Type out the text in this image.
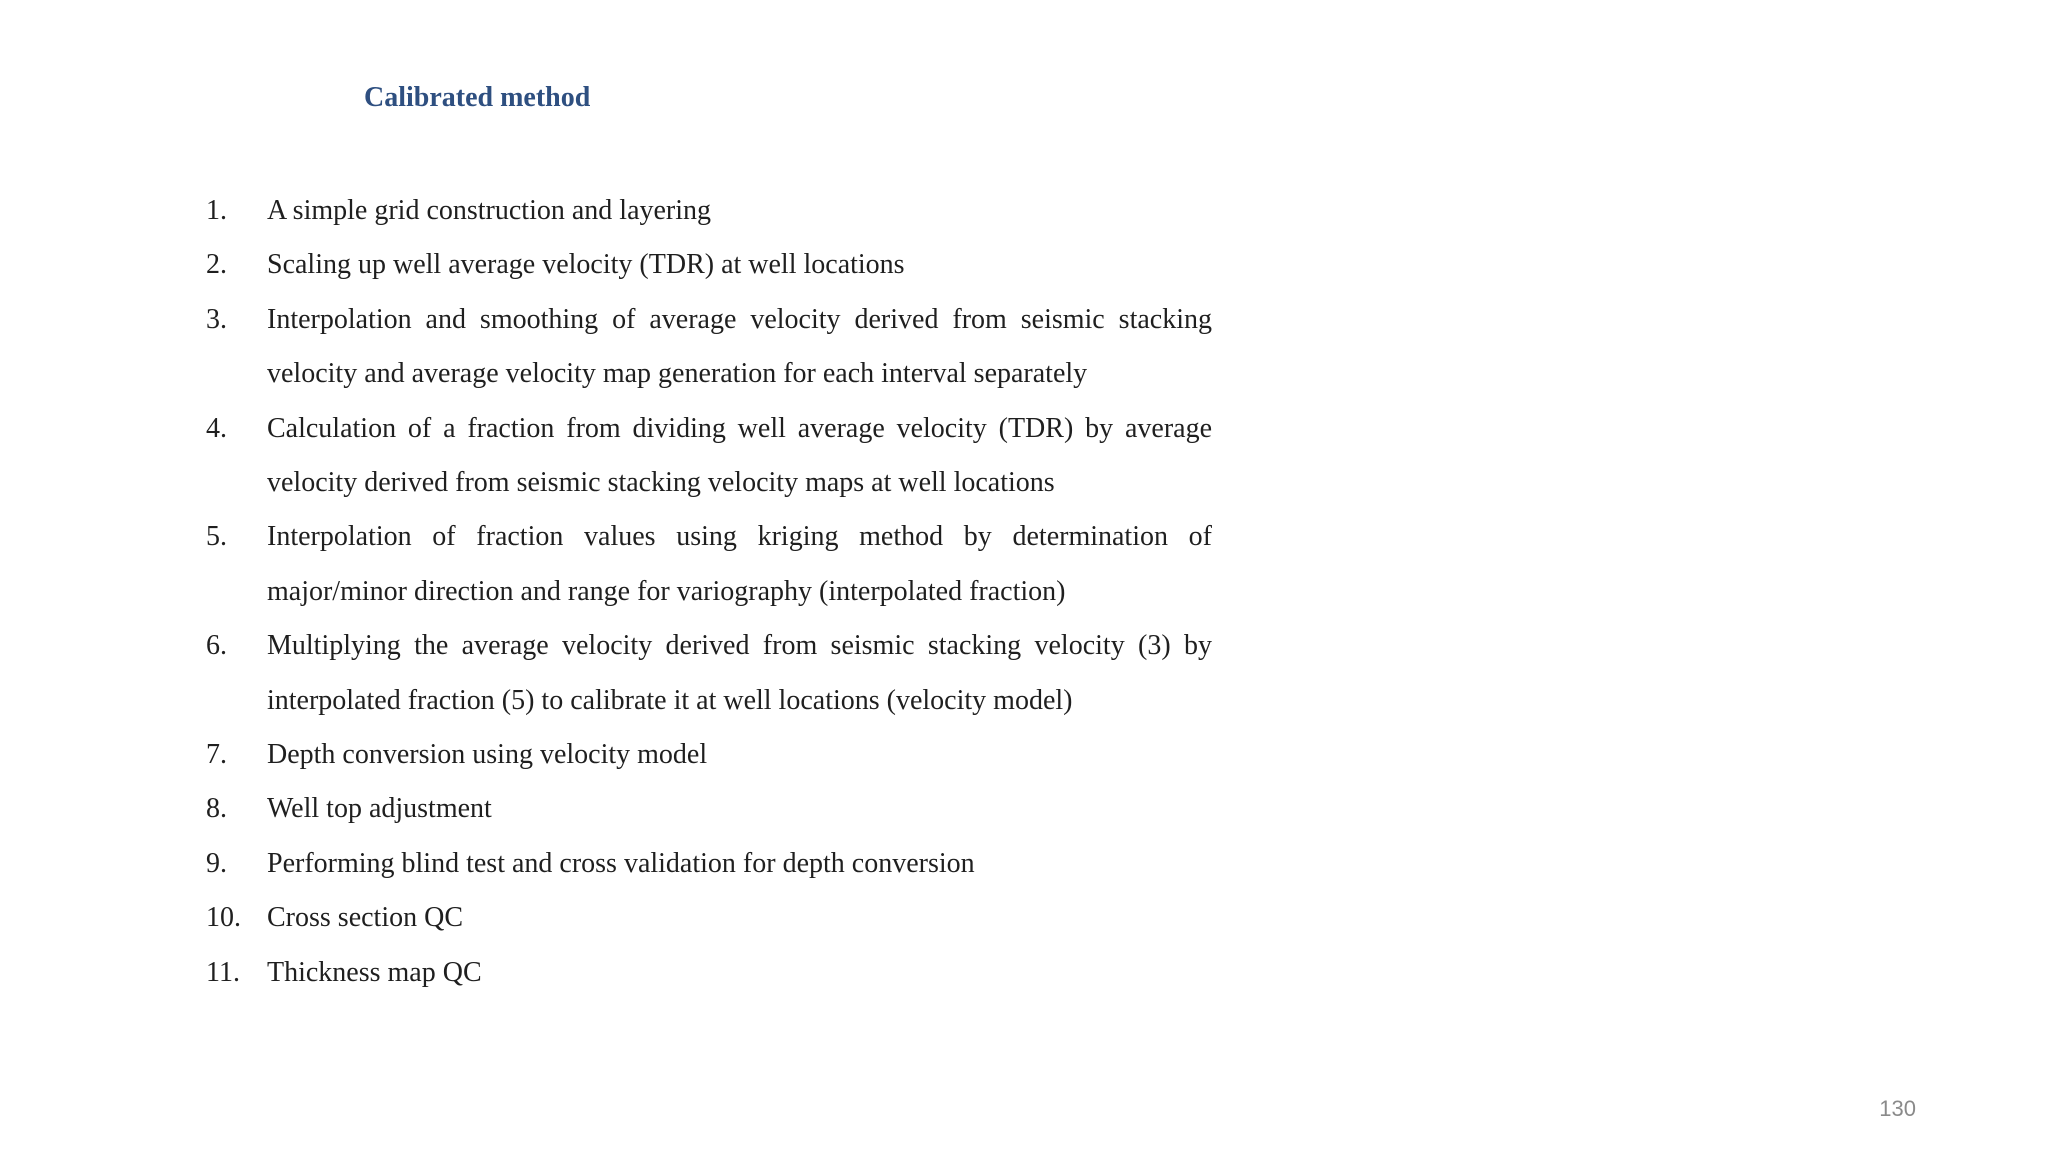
Calibrated method
1.	A simple grid construction and layering
2.	Scaling up well average velocity (TDR) at well locations
3.	Interpolation and smoothing of average velocity derived from seismic stacking velocity and average velocity map generation for each interval separately
4.	Calculation of a fraction from dividing well average velocity (TDR) by average velocity derived from seismic stacking velocity maps at well locations
5.	Interpolation of fraction values using kriging method by determination of major/minor direction and range for variography (interpolated fraction)
6.	Multiplying the average velocity derived from seismic stacking velocity (3) by interpolated fraction (5) to calibrate it at well locations (velocity model)
7.	Depth conversion using velocity model
8.	Well top adjustment
9.	Performing blind test and cross validation for depth conversion
10. Cross section QC
11. Thickness map QC
130
